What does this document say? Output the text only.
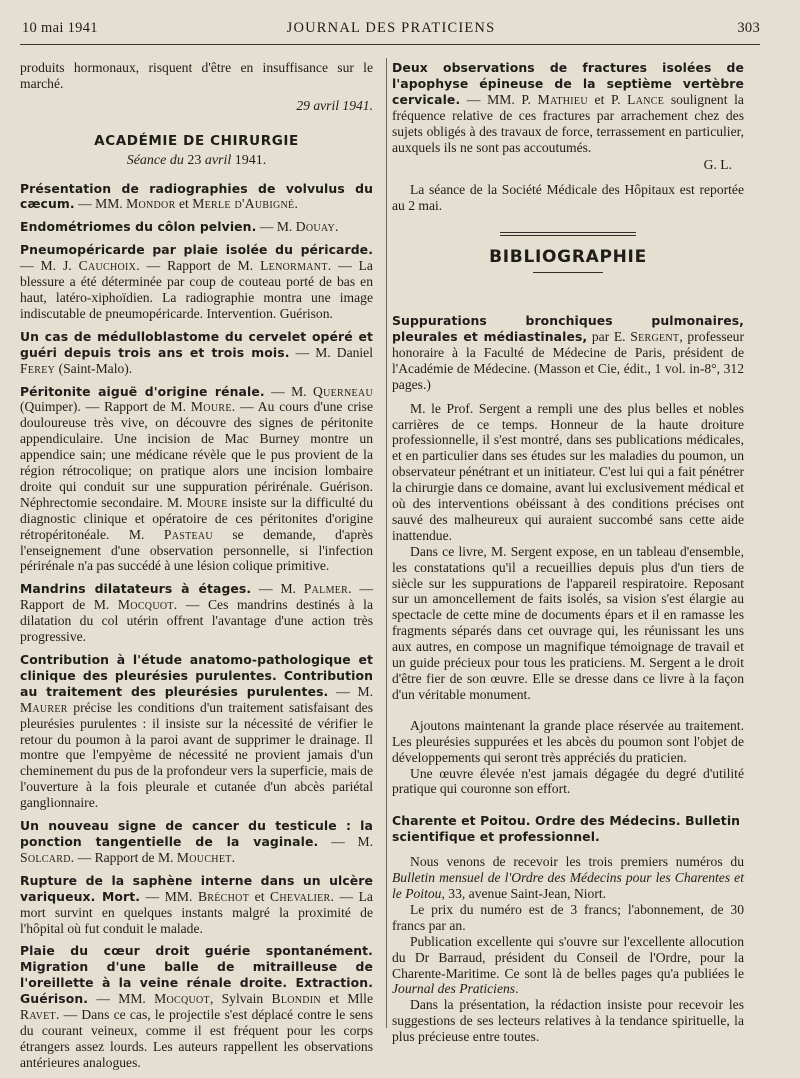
10 mai 1941	JOURNAL DES PRATICIENS	303

produits hormonaux, risquent d'être en insuffisance sur le marché.

29 avril 1941.

ACADÉMIE DE CHIRURGIE
Séance du 23 avril 1941.

Présentation de radiographies de volvulus du cæcum. — MM. Mondor et Merle d'Aubigné.

Endométriomes du côlon pelvien. — M. Douay.

Pneumopéricarde par plaie isolée du péricarde. — M. J. Cauchoix. — Rapport de M. Lenormant. — La blessure a été déterminée par coup de couteau porté de bas en haut, latéro-xiphoïdien. La radiographie montra une image indiscutable de pneumopéricarde. Intervention. Guérison.

Un cas de médulloblastome du cervelet opéré et guéri depuis trois ans et trois mois. — M. Daniel Ferey (Saint-Malo).

Péritonite aiguë d'origine rénale. — M. Querneau (Quimper). — Rapport de M. Moure. — Au cours d'une crise douloureuse très vive, on découvre des signes de péritonite appendiculaire. Une incision de Mac Burney montre un appendice sain; une médicane révèle que le pus provient de la région rétrocolique; on pratique alors une incision lombaire droite qui conduit sur une suppuration périrénale. Guérison. Néphrectomie secondaire. M. Moure insiste sur la difficulté du diagnostic clinique et opératoire de ces péritonites d'origine rétropéritonéale. M. Pasteau se demande, d'après l'enseignement d'une observation personnelle, si l'infection périrénale n'a pas succédé à une lésion colique primitive.

Mandrins dilatateurs à étages. — M. Palmer. — Rapport de M. Mocquot. — Ces mandrins destinés à la dilatation du col utérin offrent l'avantage d'une action très progressive.

Contribution à l'étude anatomo-pathologique et clinique des pleurésies purulentes. Contribution au traitement des pleurésies purulentes. — M. Maurer précise les conditions d'un traitement satisfaisant des pleurésies purulentes : il insiste sur la nécessité de vérifier le retour du poumon à la paroi avant de supprimer le drainage. Il montre que l'empyème de nécessité ne provient jamais d'un cheminement du pus de la profondeur vers la superficie, mais de l'ouverture à la fois pleurale et cutanée d'un abcès pariétal ganglionnaire.

Un nouveau signe de cancer du testicule : la ponction tangentielle de la vaginale. — M. Solcard. — Rapport de M. Mouchet.

Rupture de la saphène interne dans un ulcère variqueux. Mort. — MM. Bréchot et Chevalier. — La mort survint en quelques instants malgré la proximité de l'hôpital où fut conduit le malade.

Plaie du cœur droit guérie spontanément. Migration d'une balle de mitrailleuse de l'oreillette à la veine rénale droite. Extraction. Guérison. — MM. Mocquot, Sylvain Blondin et Mlle Ravet. — Dans ce cas, le projectile s'est déplacé contre le sens du courant veineux, comme il est fréquent pour les corps étrangers assez lourds. Les auteurs rappellent les observations antérieures analogues.

Deux observations de fractures isolées de l'apophyse épineuse de la septième vertèbre cervicale. — MM. P. Mathieu et P. Lance soulignent la fréquence relative de ces fractures par arrachement chez des sujets obligés à des travaux de force, terrassement en particulier, auxquels ils ne sont pas accoutumés.

G. L.

La séance de la Société Médicale des Hôpitaux est reportée au 2 mai.

BIBLIOGRAPHIE

Suppurations bronchiques pulmonaires, pleurales et médiastinales, par E. Sergent, professeur honoraire à la Faculté de Médecine de Paris, président de l'Académie de Médecine. (Masson et Cie, édit., 1 vol. in-8°, 312 pages.)

M. le Prof. Sergent a rempli une des plus belles et nobles carrières de ce temps. Honneur de la haute droiture professionnelle, il s'est montré, dans ses publications médicales, et en particulier dans ses études sur les maladies du poumon, un observateur pénétrant et un initiateur. C'est lui qui a fait pénétrer la chirurgie dans ce domaine, avant lui exclusivement médical et où des interventions obéissant à des conditions précises ont sauvé des malheureux qui auraient succombé sans cette aide inattendue.

Dans ce livre, M. Sergent expose, en un tableau d'ensemble, les constatations qu'il a recueillies depuis plus d'un tiers de siècle sur les suppurations de l'appareil respiratoire. Reposant sur un amoncellement de faits isolés, sa vision s'est élargie au spectacle de cette mine de documents épars et il en ramasse les fragments séparés dans cet ouvrage qui, les réunissant les uns aux autres, en compose un magnifique témoignage de travail et un guide précieux pour tous les praticiens. M. Sergent a le droit d'être fier de son œuvre. Elle se dresse dans ce livre à la façon d'un véritable monument.

Ajoutons maintenant la grande place réservée au traitement. Les pleurésies suppurées et les abcès du poumon sont l'objet de développements qui seront très appréciés du praticien.

Une œuvre élevée n'est jamais dégagée du degré d'utilité pratique qui couronne son effort.

Charente et Poitou. Ordre des Médecins. Bulletin scientifique et professionnel.

Nous venons de recevoir les trois premiers numéros du Bulletin mensuel de l'Ordre des Médecins pour les Charentes et le Poitou, 33, avenue Saint-Jean, Niort.

Le prix du numéro est de 3 francs; l'abonnement, de 30 francs par an.

Publication excellente qui s'ouvre sur l'excellente allocution du Dr Barraud, président du Conseil de l'Ordre, pour la Charente-Maritime. Ce sont là de belles pages qu'a publiées le Journal des Praticiens.

Dans la présentation, la rédaction insiste pour recevoir les suggestions de ses lecteurs relatives à la tendance spirituelle, la plus précieuse entre toutes.
